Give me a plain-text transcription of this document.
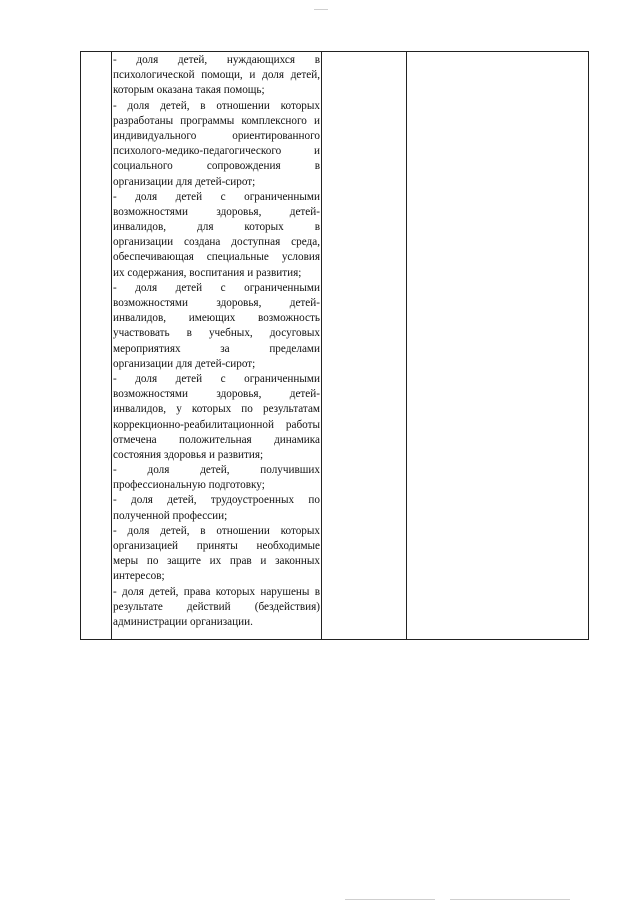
- доля детей, нуждающихся в
психологической помощи, и доля детей,
которым оказана такая помощь;
- доля детей, в отношении которых
разработаны программы комплексного и
индивидуального ориентированного
психолого-медико-педагогического и
социального сопровождения в
организации для детей-сирот;
- доля детей с ограниченными
возможностями здоровья, детей-
инвалидов, для которых в
организации создана доступная среда,
обеспечивающая специальные условия
их содержания, воспитания и развития;
- доля детей с ограниченными
возможностями здоровья, детей-
инвалидов, имеющих возможность
участвовать в учебных, досуговых
мероприятиях за пределами
организации для детей-сирот;
- доля детей с ограниченными
возможностями здоровья, детей-
инвалидов, у которых по результатам
коррекционно-реабилитационной работы
отмечена положительная динамика
состояния здоровья и развития;
- доля детей, получивших
профессиональную подготовку;
- доля детей, трудоустроенных по
полученной профессии;
- доля детей, в отношении которых
организацией приняты необходимые
меры по защите их прав и законных
интересов;
- доля детей, права которых нарушены в
результате действий (бездействия)
администрации организации.
